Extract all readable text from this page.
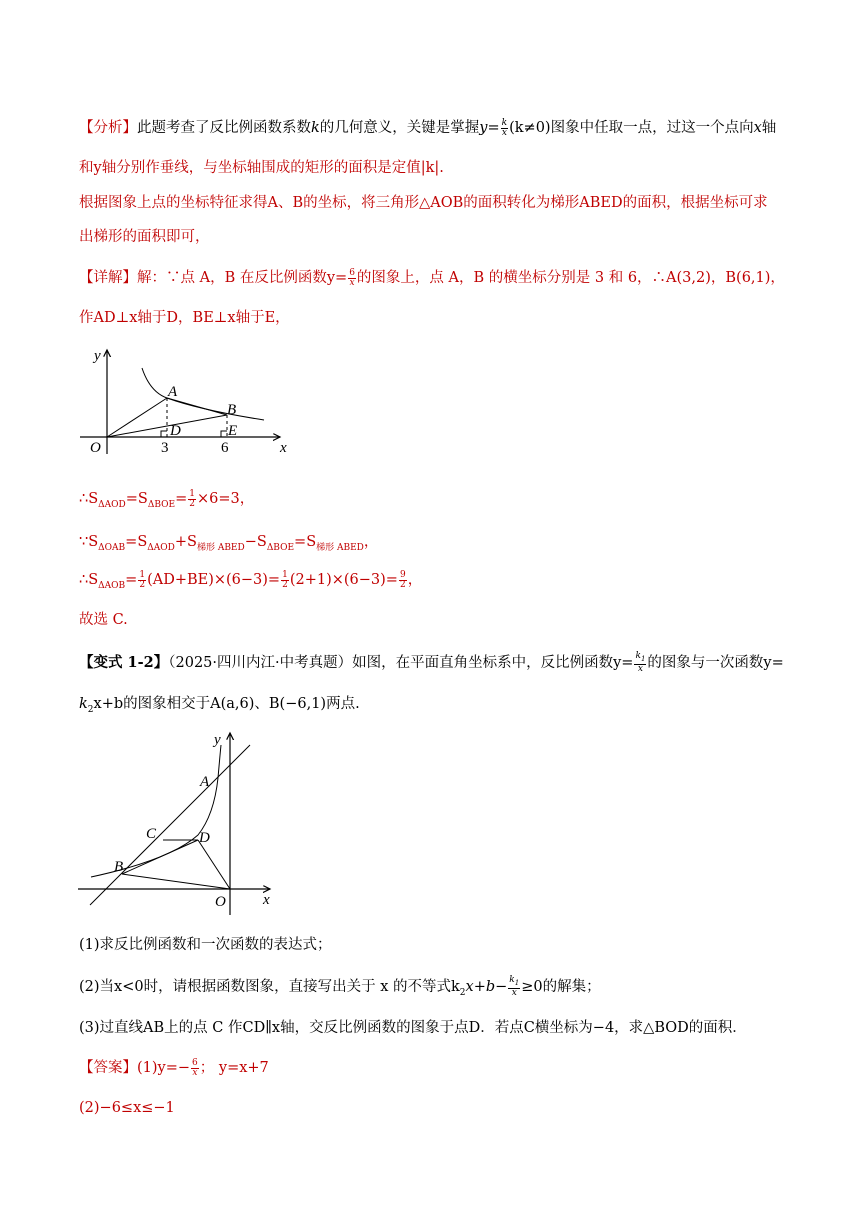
【分析】此题考查了反比例函数系数k的几何意义，关键是掌握$y= \frac{k}{x} (k\ne 0)$图象中任取一点，过这一个点向x轴
和y轴分别作垂线，与坐标轴围成的矩形的面积是定值|k|.
根据图象上点的坐标特征求得A、B的坐标，将三角形△AOB的面积转化为梯形ABED的面积，根据坐标可求
出梯形的面积即可，
【详解】解：∵点 A，B 在反比例函数$y= \frac{6}{x}$ 的图象上，点 A，B 的横坐标分别是 3 和 6，∴A(3,2)，B(6,1)，
作AD⊥x轴于D，BE⊥x轴于E，
y
x
O
A
B
D	E
3	6
$\therefore S_{\Delta AOD}=S_{\Delta BOE}= \frac{1}{2} \times 6=3$，
$\because S_{\Delta OAB}=S_{\Delta AOD}+S_{梯形 ABED}-S_{\Delta BOE}=S_{梯形 ABED}$，
$\therefore S_{\Delta AOB}= \frac{1}{2} (AD+BE)\times(6-3)= \frac{1}{2} (2+1)\times(6-3)= \frac{9}{2}$ ，
故选 C.
【变式 1-2】（2025·四川内江·中考真题）如图，在平面直角坐标系中，反比例函数$y= \frac{k_1}{x}$ 的图象与一次函数y=
$k_2x+b$的图象相交于A(a,6)、B(−6,1)两点.
y
x
O
A
B
C	D
(1)求反比例函数和一次函数的表达式；
(2)当x<0时，请根据函数图象，直接写出关于 x 的不等式$k_2x+b- \frac{k_1}{x} \ge 0$的解集；
(3)过直线AB上的点 C 作CD∥x轴，交反比例函数的图象于点D．若点C横坐标为−4，求△BOD的面积．
【答案】$(1)y=- \frac{6}{x}$ ； y=x+7
(2)−6≤x≤−1
